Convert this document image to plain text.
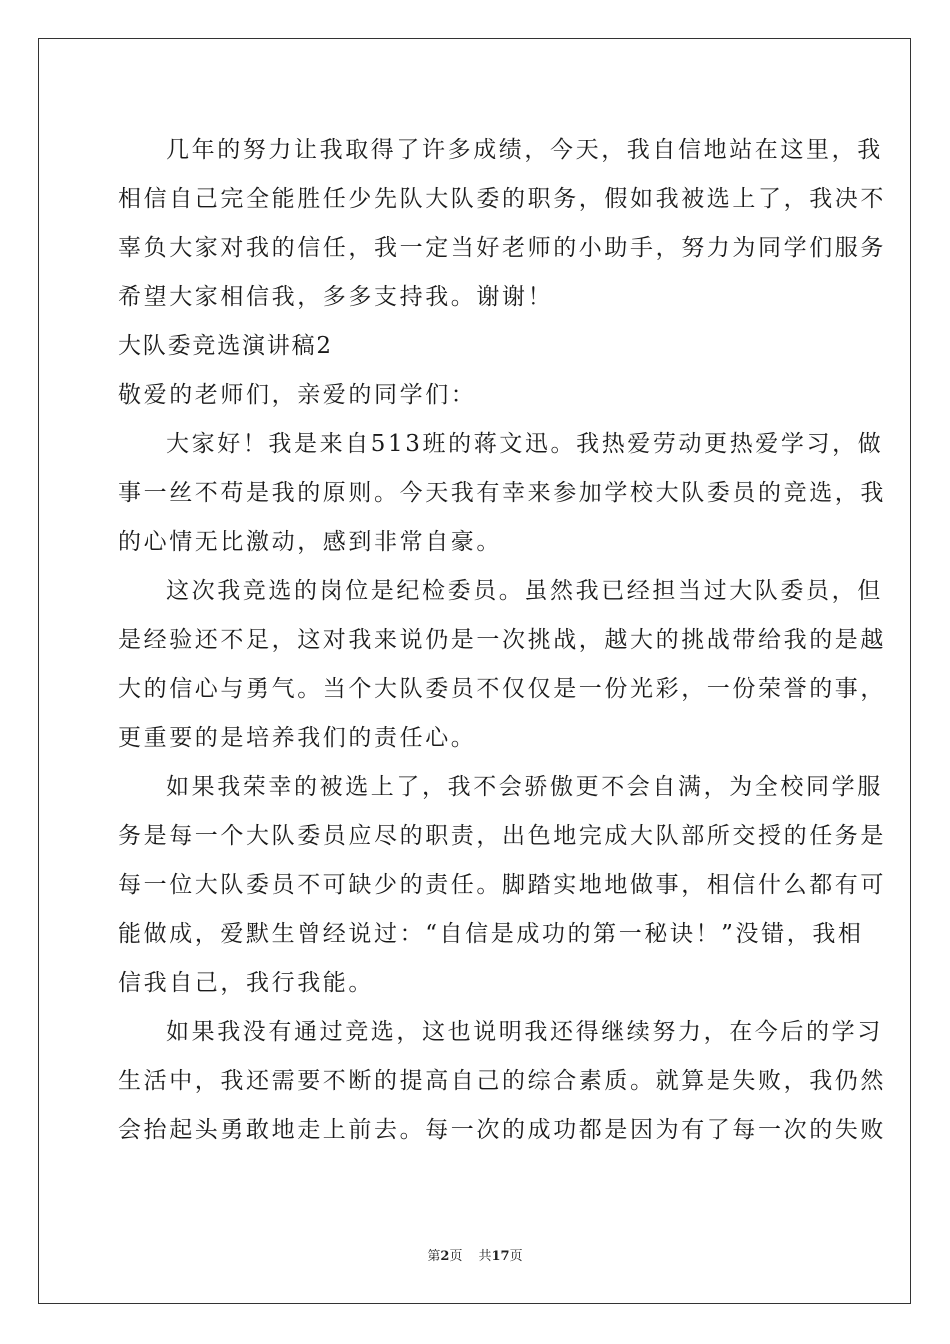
几年的努力让我取得了许多成绩，今天，我自信地站在这里，我
相信自己完全能胜任少先队大队委的职务，假如我被选上了，我决不
辜负大家对我的信任，我一定当好老师的小助手，努力为同学们服务
希望大家相信我，多多支持我。谢谢！
大队委竞选演讲稿2
敬爱的老师们，亲爱的同学们：
大家好！我是来自513班的蒋文迅。我热爱劳动更热爱学习，做
事一丝不苟是我的原则。今天我有幸来参加学校大队委员的竞选，我
的心情无比激动，感到非常自豪。
这次我竞选的岗位是纪检委员。虽然我已经担当过大队委员，但
是经验还不足，这对我来说仍是一次挑战，越大的挑战带给我的是越
大的信心与勇气。当个大队委员不仅仅是一份光彩，一份荣誉的事，
更重要的是培养我们的责任心。
如果我荣幸的被选上了，我不会骄傲更不会自满，为全校同学服
务是每一个大队委员应尽的职责，出色地完成大队部所交授的任务是
每一位大队委员不可缺少的责任。脚踏实地地做事，相信什么都有可
能做成，爱默生曾经说过：“自信是成功的第一秘诀！”没错，我相
信我自己，我行我能。
如果我没有通过竞选，这也说明我还得继续努力，在今后的学习
生活中，我还需要不断的提高自己的综合素质。就算是失败，我仍然
会抬起头勇敢地走上前去。每一次的成功都是因为有了每一次的失败
第2页 共17页
